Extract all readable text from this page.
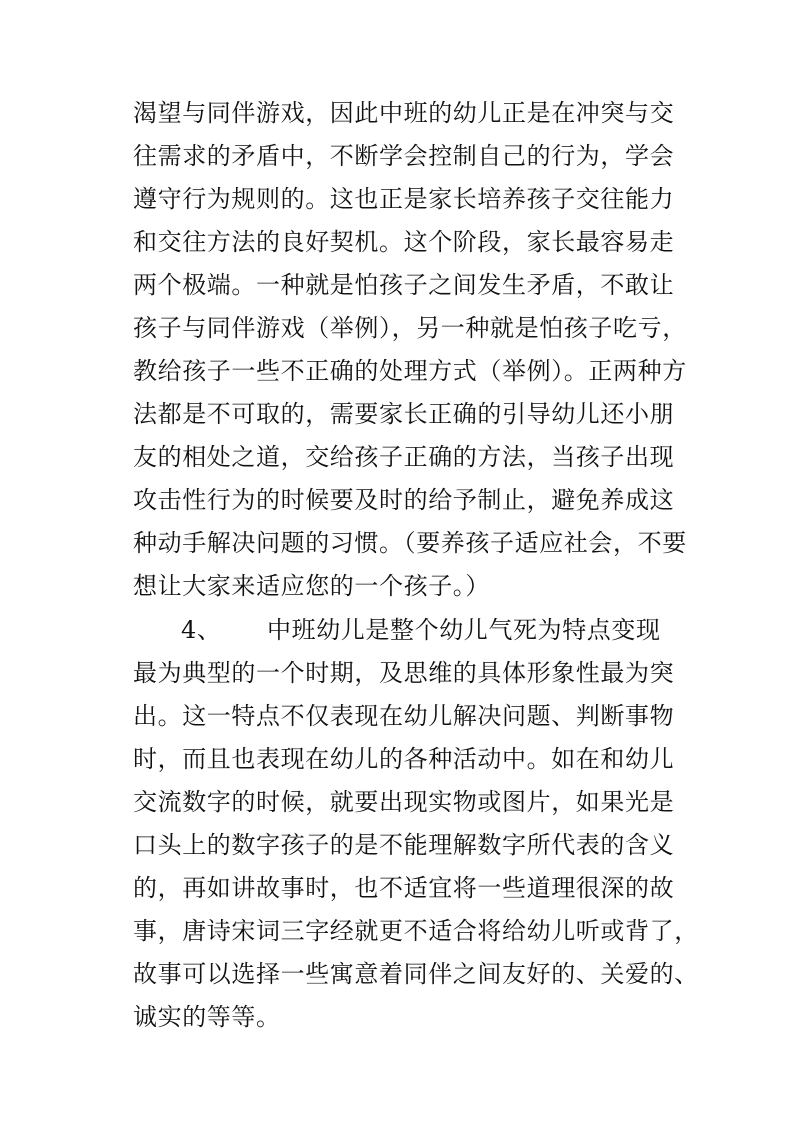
渴望与同伴游戏，因此中班的幼儿正是在冲突与交
往需求的矛盾中，不断学会控制自己的行为，学会
遵守行为规则的。这也正是家长培养孩子交往能力
和交往方法的良好契机。这个阶段，家长最容易走
两个极端。一种就是怕孩子之间发生矛盾，不敢让
孩子与同伴游戏（举例），另一种就是怕孩子吃亏，
教给孩子一些不正确的处理方式（举例）。正两种方
法都是不可取的，需要家长正确的引导幼儿还小朋
友的相处之道，交给孩子正确的方法，当孩子出现
攻击性行为的时候要及时的给予制止，避免养成这
种动手解决问题的习惯。（要养孩子适应社会，不要
想让大家来适应您的一个孩子。）
4、 中班幼儿是整个幼儿气死为特点变现
最为典型的一个时期，及思维的具体形象性最为突
出。这一特点不仅表现在幼儿解决问题、判断事物
时，而且也表现在幼儿的各种活动中。如在和幼儿
交流数字的时候，就要出现实物或图片，如果光是
口头上的数字孩子的是不能理解数字所代表的含义
的，再如讲故事时，也不适宜将一些道理很深的故
事，唐诗宋词三字经就更不适合将给幼儿听或背了，
故事可以选择一些寓意着同伴之间友好的、关爱的、
诚实的等等。
